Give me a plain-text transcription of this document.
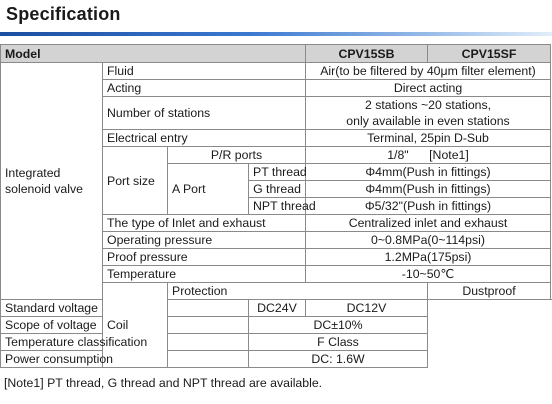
Specification
Model				CPV15SB	CPV15SF
Integrated
solenoid valve	Fluid			Air(to be filtered by 40μm filter element)	
	Acting			Direct acting	
	Number of stations			2 stations ~20 stations,
only available in even stations	
	Electrical entry			Terminal, 25pin D-Sub	
	Port size	P/R ports		1/8"      [Note1]	
		A Port	PT thread	Φ4mm(Push in fittings)	
			G thread	Φ4mm(Push in fittings)	
			NPT thread	Φ5/32"(Push in fittings)	
	The type of Inlet and exhaust			Centralized inlet and exhaust	
	Operating pressure			0~0.8MPa(0~114psi)	
	Proof pressure			1.2MPa(175psi)	
	Temperature			-10~50℃	
	Coil	Protection			Dustproof
Standard voltage			DC24V	DC12V	
Scope of voltage			DC±10%		
Temperature classification			F Class		
Power consumption			DC: 1.6W		
[Note1] PT thread, G thread and NPT thread are available.
